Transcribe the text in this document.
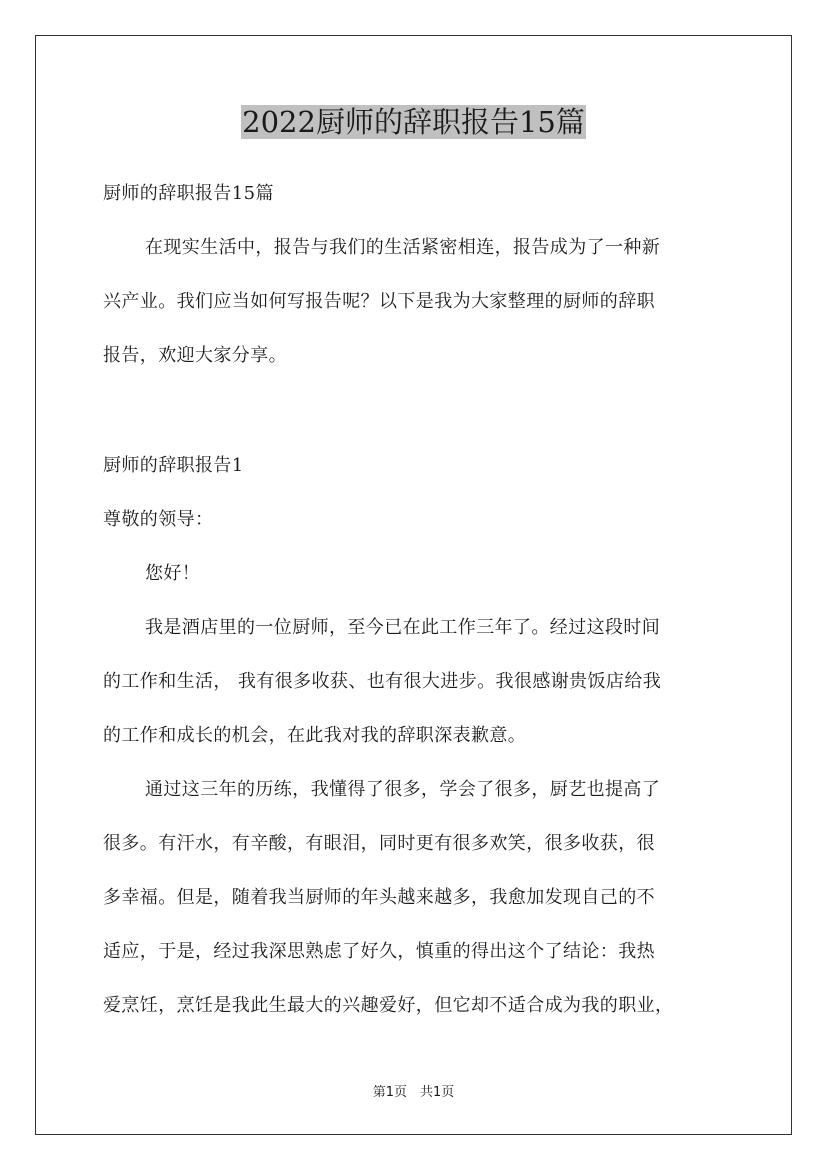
2022厨师的辞职报告15篇

厨师的辞职报告15篇

在现实生活中，报告与我们的生活紧密相连，报告成为了一种新

兴产业。我们应当如何写报告呢？以下是我为大家整理的厨师的辞职

报告，欢迎大家分享。

厨师的辞职报告1

尊敬的领导：

您好！

我是酒店里的一位厨师，至今已在此工作三年了。经过这段时间

的工作和生活， 我有很多收获、也有很大进步。我很感谢贵饭店给我

的工作和成长的机会，在此我对我的辞职深表歉意。

通过这三年的历练，我懂得了很多，学会了很多，厨艺也提高了

很多。有汗水，有辛酸，有眼泪，同时更有很多欢笑，很多收获，很

多幸福。但是，随着我当厨师的年头越来越多，我愈加发现自己的不

适应，于是，经过我深思熟虑了好久，慎重的得出这个了结论：我热

爱烹饪，烹饪是我此生最大的兴趣爱好，但它却不适合成为我的职业，

第1页　共1页
